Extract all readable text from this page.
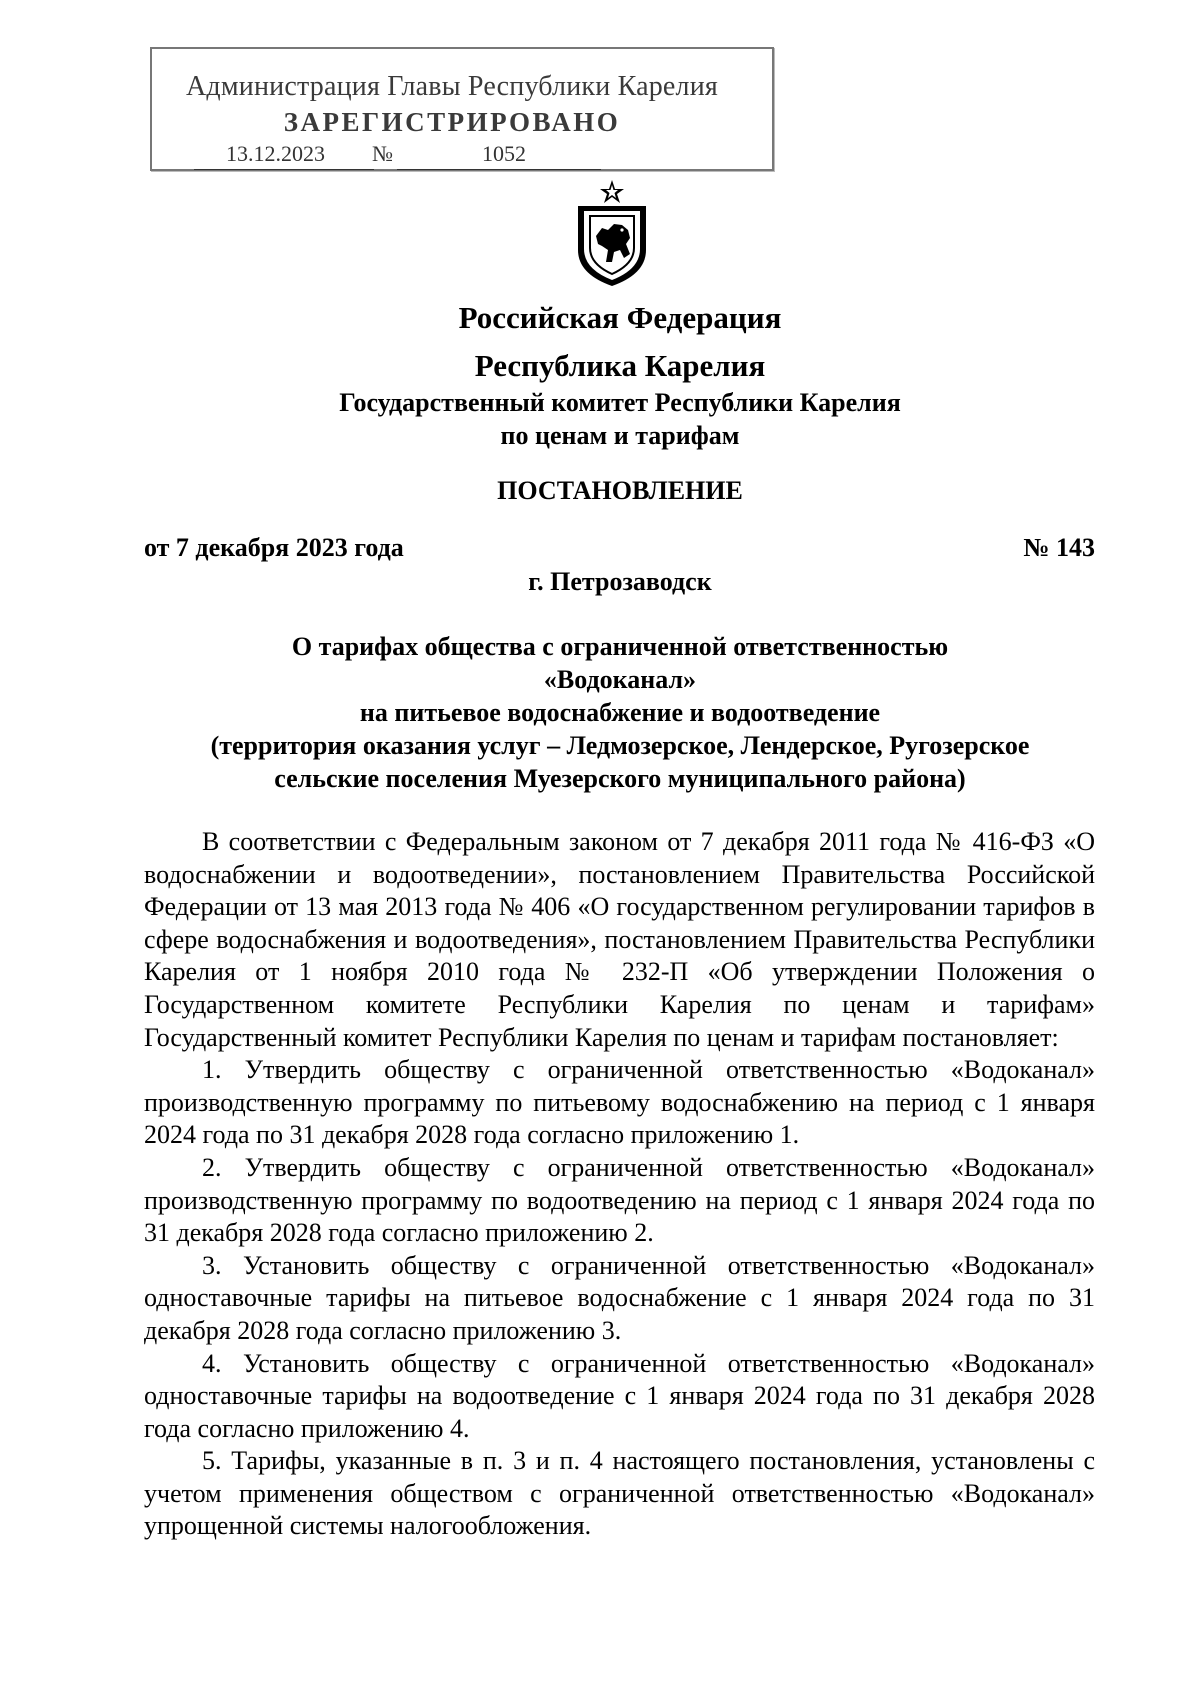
Администрация Главы Республики Карелия
ЗАРЕГИСТРИРОВАНО
13.12.2023 №	1052
Российская Федерация
Республика Карелия
Государственный комитет Республики Карелия
по ценам и тарифам
ПОСТАНОВЛЕНИЕ
от 7 декабря 2023 года	№ 143
г. Петрозаводск
О тарифах общества с ограниченной ответственностью
«Водоканал»
на питьевое водоснабжение и водоотведение
(территория оказания услуг – Ледмозерское, Лендерское, Ругозерское
сельские поселения Муезерского муниципального района)

В соответствии с Федеральным законом от 7 декабря 2011 года № 416-ФЗ «О водоснабжении и водоотведении», постановлением Правительства Российской Федерации от 13 мая 2013 года № 406 «О государственном регулировании тарифов в сфере водоснабжения и водоотведения», постановлением Правительства Республики Карелия от 1 ноября 2010 года № 232-П «Об утверждении Положения о Государственном комитете Республики Карелия по ценам и тарифам» Государственный комитет Республики Карелия по ценам и тарифам постановляет:

1. Утвердить обществу с ограниченной ответственностью «Водоканал» производственную программу по питьевому водоснабжению на период с 1 января 2024 года по 31 декабря 2028 года согласно приложению 1.

2. Утвердить обществу с ограниченной ответственностью «Водоканал» производственную программу по водоотведению на период с 1 января 2024 года по 31 декабря 2028 года согласно приложению 2.

3. Установить обществу с ограниченной ответственностью «Водоканал» одноставочные тарифы на питьевое водоснабжение с 1 января 2024 года по 31 декабря 2028 года согласно приложению 3.

4. Установить обществу с ограниченной ответственностью «Водоканал» одноставочные тарифы на водоотведение с 1 января 2024 года по 31 декабря 2028 года согласно приложению 4.

5. Тарифы, указанные в п. 3 и п. 4 настоящего постановления, установлены с учетом применения обществом с ограниченной ответственностью «Водоканал» упрощенной системы налогообложения.
